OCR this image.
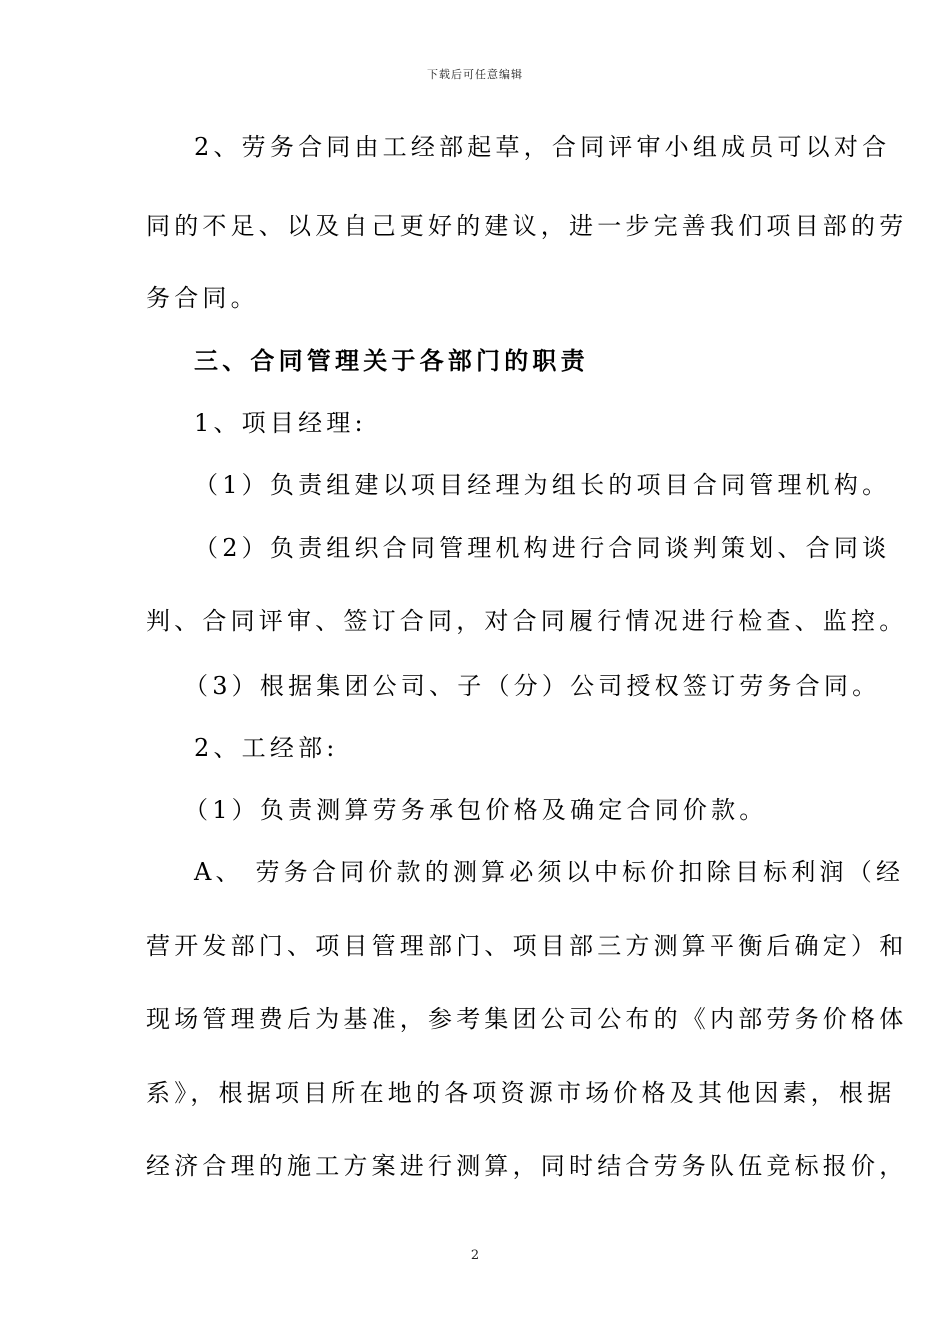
下载后可任意编辑
2、劳务合同由工经部起草，合同评审小组成员可以对合
同的不足、以及自己更好的建议，进一步完善我们项目部的劳
务合同。
三、合同管理关于各部门的职责
1、项目经理:
（1）负责组建以项目经理为组长的项目合同管理机构。
（2）负责组织合同管理机构进行合同谈判策划、合同谈
判、合同评审、签订合同，对合同履行情况进行检查、监控。
（3）根据集团公司、子（分）公司授权签订劳务合同。
2、工经部:
（1）负责测算劳务承包价格及确定合同价款。
A、 劳务合同价款的测算必须以中标价扣除目标利润（经
营开发部门、项目管理部门、项目部三方测算平衡后确定）和
现场管理费后为基准，参考集团公司公布的《内部劳务价格体
系》，根据项目所在地的各项资源市场价格及其他因素，根据
经济合理的施工方案进行测算，同时结合劳务队伍竞标报价，
2
